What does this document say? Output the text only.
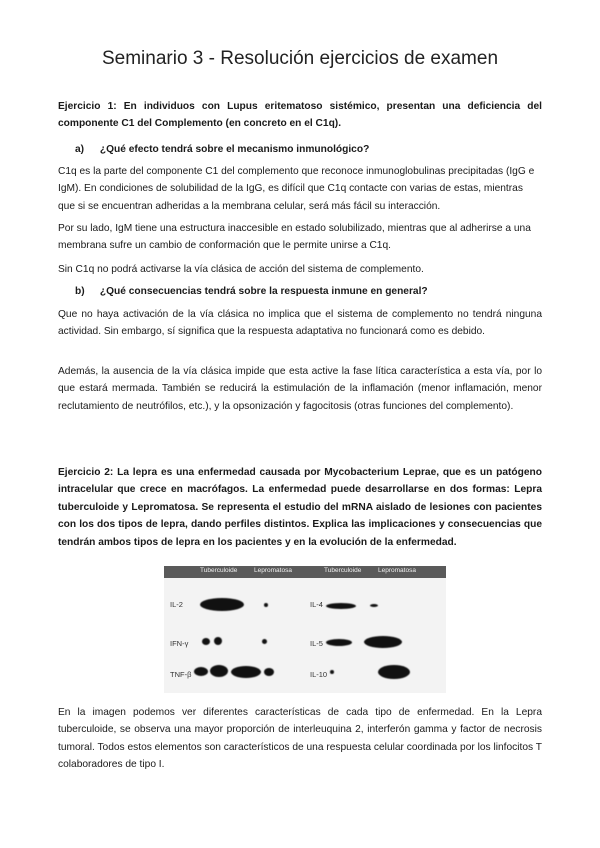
Seminario 3 - Resolución ejercicios de examen
Ejercicio 1: En individuos con Lupus eritematoso sistémico, presentan una deficiencia del componente C1 del Complemento (en concreto en el C1q).
a) ¿Qué efecto tendrá sobre el mecanismo inmunológico?
C1q es la parte del componente C1 del complemento que reconoce inmunoglobulinas precipitadas (IgG e IgM). En condiciones de solubilidad de la IgG, es difícil que C1q contacte con varias de estas, mientras que si se encuentran adheridas a la membrana celular, será más fácil su interacción.
Por su lado, IgM tiene una estructura inaccesible en estado solubilizado, mientras que al adherirse a una membrana sufre un cambio de conformación que le permite unirse a C1q.
Sin C1q no podrá activarse la vía clásica de acción del sistema de complemento.
b) ¿Qué consecuencias tendrá sobre la respuesta inmune en general?
Que no haya activación de la vía clásica no implica que el sistema de complemento no tendrá ninguna actividad. Sin embargo, sí significa que la respuesta adaptativa no funcionará como es debido.
Además, la ausencia de la vía clásica impide que esta active la fase lítica característica a esta vía, por lo que estará mermada. También se reducirá la estimulación de la inflamación (menor inflamación, menor reclutamiento de neutrófilos, etc.), y la opsonización y fagocitosis (otras funciones del complemento).
Ejercicio 2: La lepra es una enfermedad causada por Mycobacterium Leprae, que es un patógeno intracelular que crece en macrófagos. La enfermedad puede desarrollarse en dos formas: Lepra tuberculoide y Lepromatosa. Se representa el estudio del mRNA aislado de lesiones con pacientes con los dos tipos de lepra, dando perfiles distintos. Explica las implicaciones y consecuencias que tendrán ambos tipos de lepra en los pacientes y en la evolución de la enfermedad.
Tuberculoide	Lepromatosa	Tuberculoide	Lepromatosa
IL-2
IFN-γ
TNF-β
IL-4
IL-5
IL-10
En la imagen podemos ver diferentes características de cada tipo de enfermedad. En la Lepra tuberculoide, se observa una mayor proporción de interleuquina 2, interferón gamma y factor de necrosis tumoral. Todos estos elementos son característicos de una respuesta celular coordinada por los linfocitos T colaboradores de tipo I.
